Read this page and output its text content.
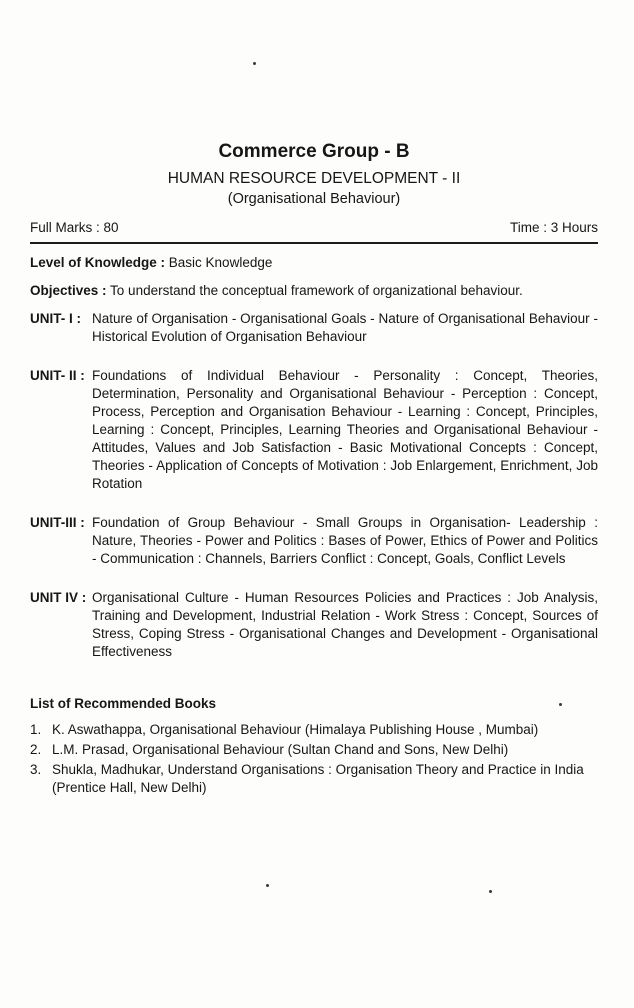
Commerce Group - B
HUMAN RESOURCE DEVELOPMENT - II
(Organisational Behaviour)
Full Marks : 80	Time : 3 Hours

Level of Knowledge : Basic Knowledge

Objectives : To understand the conceptual framework of organizational behaviour.

UNIT- I : Nature of Organisation - Organisational Goals - Nature of Organisational Behaviour - Historical Evolution of Organisation Behaviour
UNIT- II : Foundations of Individual Behaviour - Personality : Concept, Theories, Determination, Personality and Organisational Behaviour - Perception : Concept, Process, Perception and Organisation Behaviour - Learning : Concept, Principles, Learning : Concept, Principles, Learning Theories and Organisational Behaviour - Attitudes, Values and Job Satisfaction - Basic Motivational Concepts : Concept, Theories - Application of Concepts of Motivation : Job Enlargement, Enrichment, Job Rotation
UNIT-III : Foundation of Group Behaviour - Small Groups in Organisation- Leadership : Nature, Theories - Power and Politics : Bases of Power, Ethics of Power and Politics - Communication : Channels, Barriers Conflict : Concept, Goals, Conflict Levels
UNIT IV : Organisational Culture - Human Resources Policies and Practices : Job Analysis, Training and Development, Industrial Relation - Work Stress : Concept, Sources of Stress, Coping Stress - Organisational Changes and Development - Organisational Effectiveness
List of Recommended Books
1. K. Aswathappa, Organisational Behaviour (Himalaya Publishing House , Mumbai)
2. L.M. Prasad, Organisational Behaviour (Sultan Chand and Sons, New Delhi)
3. Shukla, Madhukar, Understand Organisations : Organisation Theory and Practice in India (Prentice Hall, New Delhi)
